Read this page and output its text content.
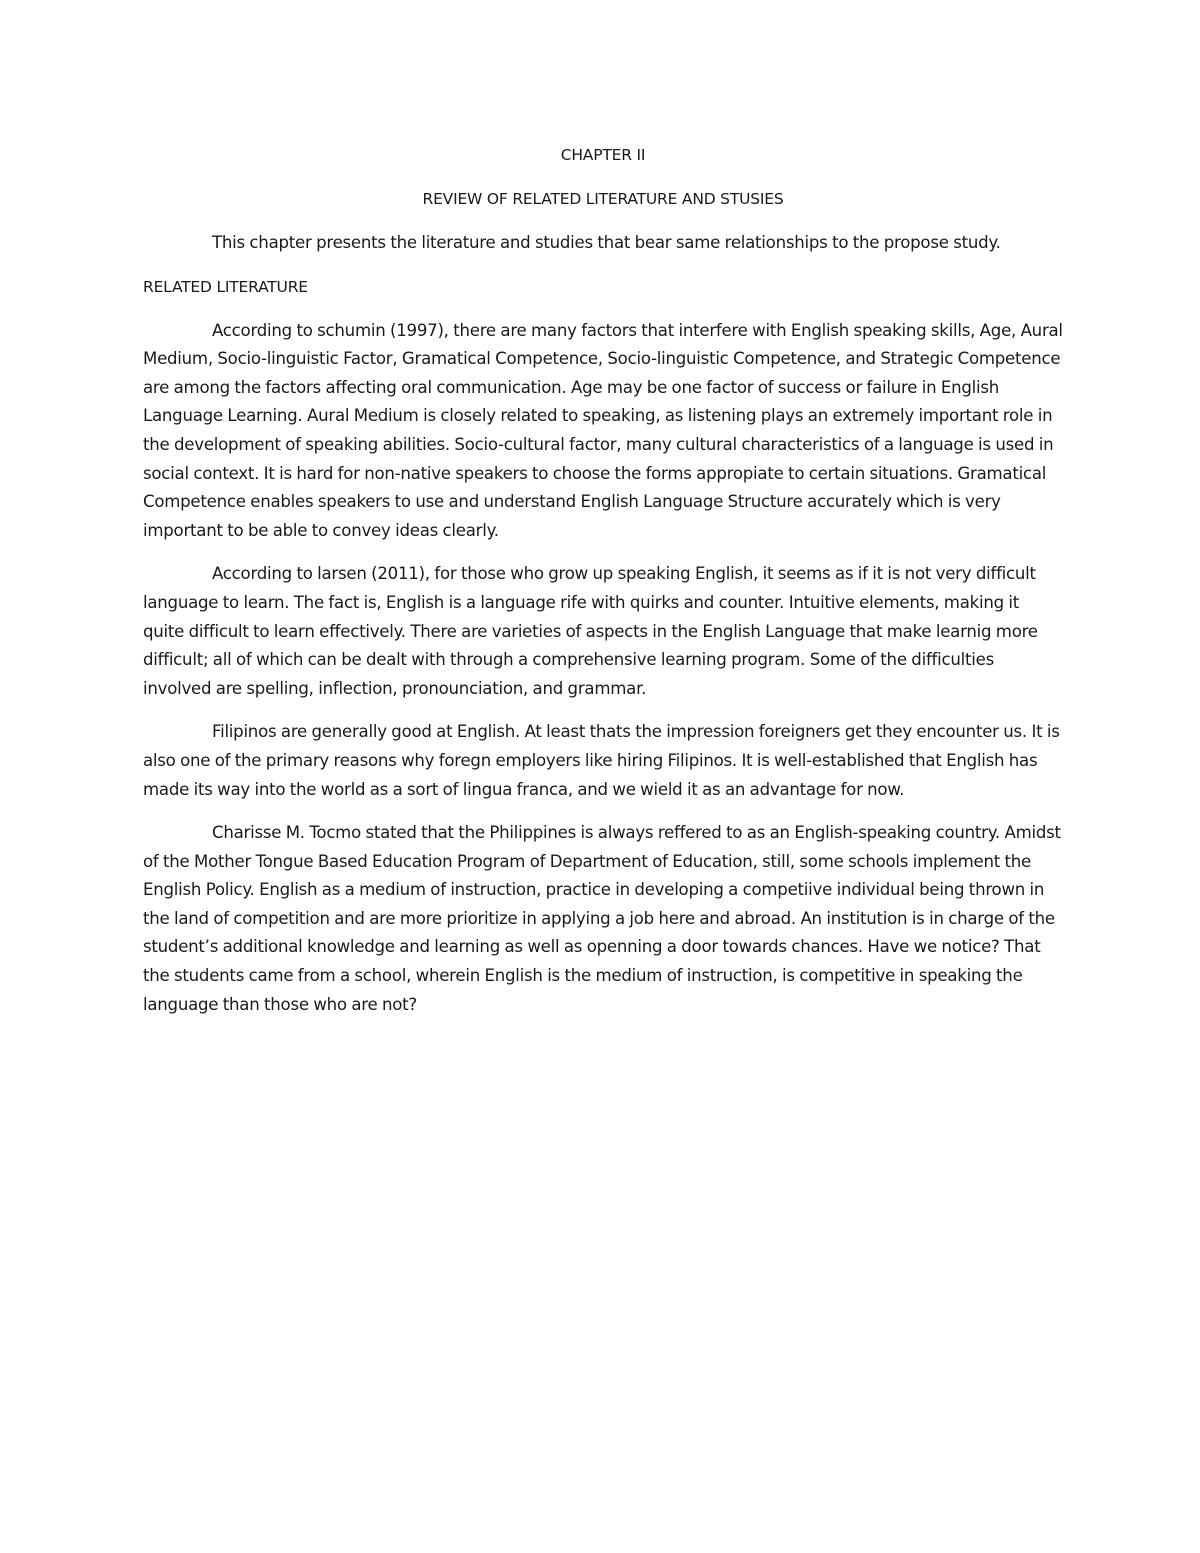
CHAPTER II

REVIEW OF RELATED LITERATURE AND STUSIES

This chapter presents the literature and studies that bear same relationships to the propose study.

RELATED LITERATURE

According to schumin (1997), there are many factors that interfere with English speaking skills, Age, Aural Medium, Socio-linguistic Factor, Gramatical Competence, Socio-linguistic Competence, and Strategic Competence are among the factors affecting oral communication. Age may be one factor of success or failure in English Language Learning. Aural Medium is closely related to speaking, as listening plays an extremely important role in the development of speaking abilities. Socio-cultural factor, many cultural characteristics of a language is used in social context. It is hard for non-native speakers to choose the forms appropiate to certain situations. Gramatical Competence enables speakers to use and understand English Language Structure accurately which is very important to be able to convey ideas clearly.

According to larsen (2011), for those who grow up speaking English, it seems as if it is not very difficult language to learn. The fact is, English is a language rife with quirks and counter. Intuitive elements, making it quite difficult to learn effectively. There are varieties of aspects in the English Language that make learnig more difficult; all of which can be dealt with through a comprehensive learning program. Some of the difficulties involved are spelling, inflection, pronounciation, and grammar.

Filipinos are generally good at English. At least thats the impression foreigners get they encounter us. It is also one of the primary reasons why foregn employers like hiring Filipinos. It is well-established that English has made its way into the world as a sort of lingua franca, and we wield it as an advantage for now.

Charisse M. Tocmo stated that the Philippines is always reffered to as an English-speaking country. Amidst of the Mother Tongue Based Education Program of Department of Education, still, some schools implement the English Policy. English as a medium of instruction, practice in developing a competiive individual being thrown in the land of competition and are more prioritize in applying a job here and abroad. An institution is in charge of the student’s additional knowledge and learning as well as openning a door towards chances. Have we notice? That the students came from a school, wherein English is the medium of instruction, is competitive in speaking the language than those who are not?
